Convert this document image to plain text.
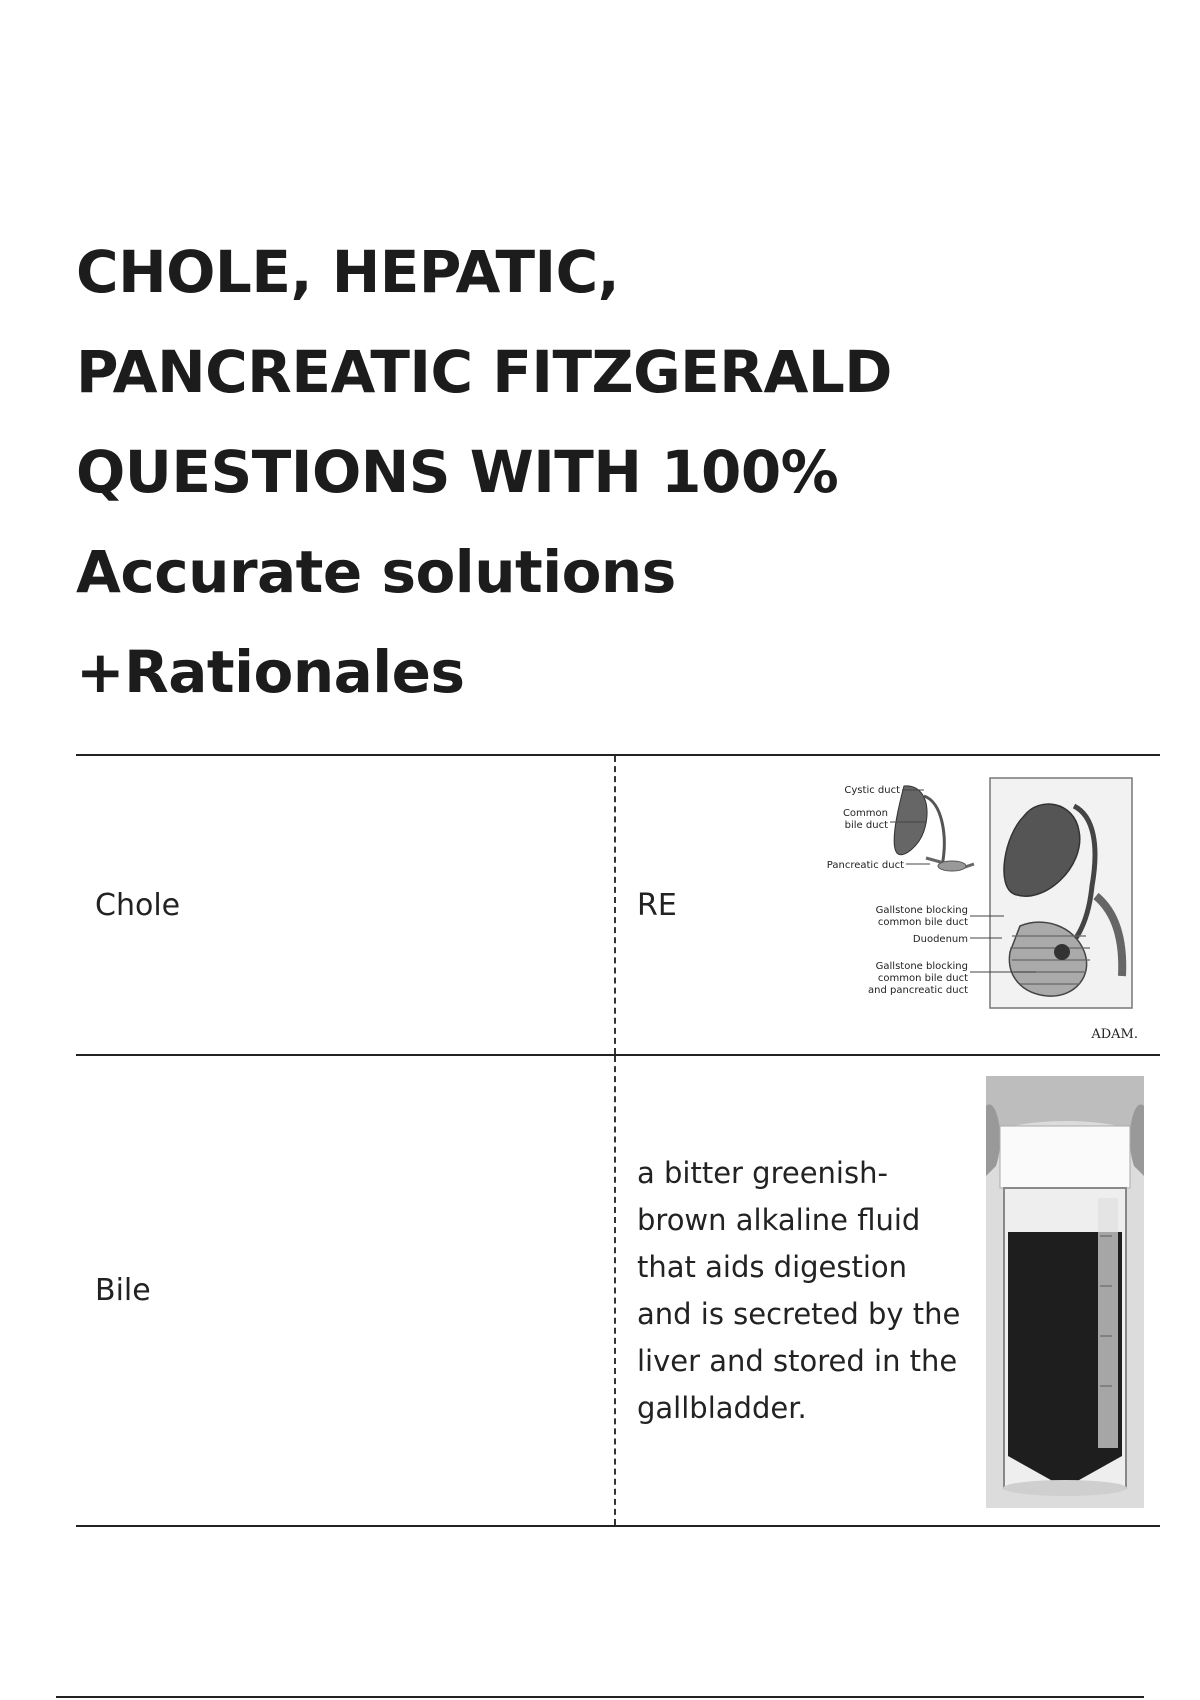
CHOLE, HEPATIC,
PANCREATIC FITZGERALD
QUESTIONS WITH 100%
Accurate solutions
+Rationales
Chole	RE
Cystic duct
Common
bile duct
Pancreatic duct
Gallstone blocking
common bile duct
Duodenum
Gallstone blocking
common bile duct
and pancreatic duct
ADAM.
Bile
a bitter greenish-brown alkaline fluid that aids digestion and is secreted by the liver and stored in the gallbladder.
